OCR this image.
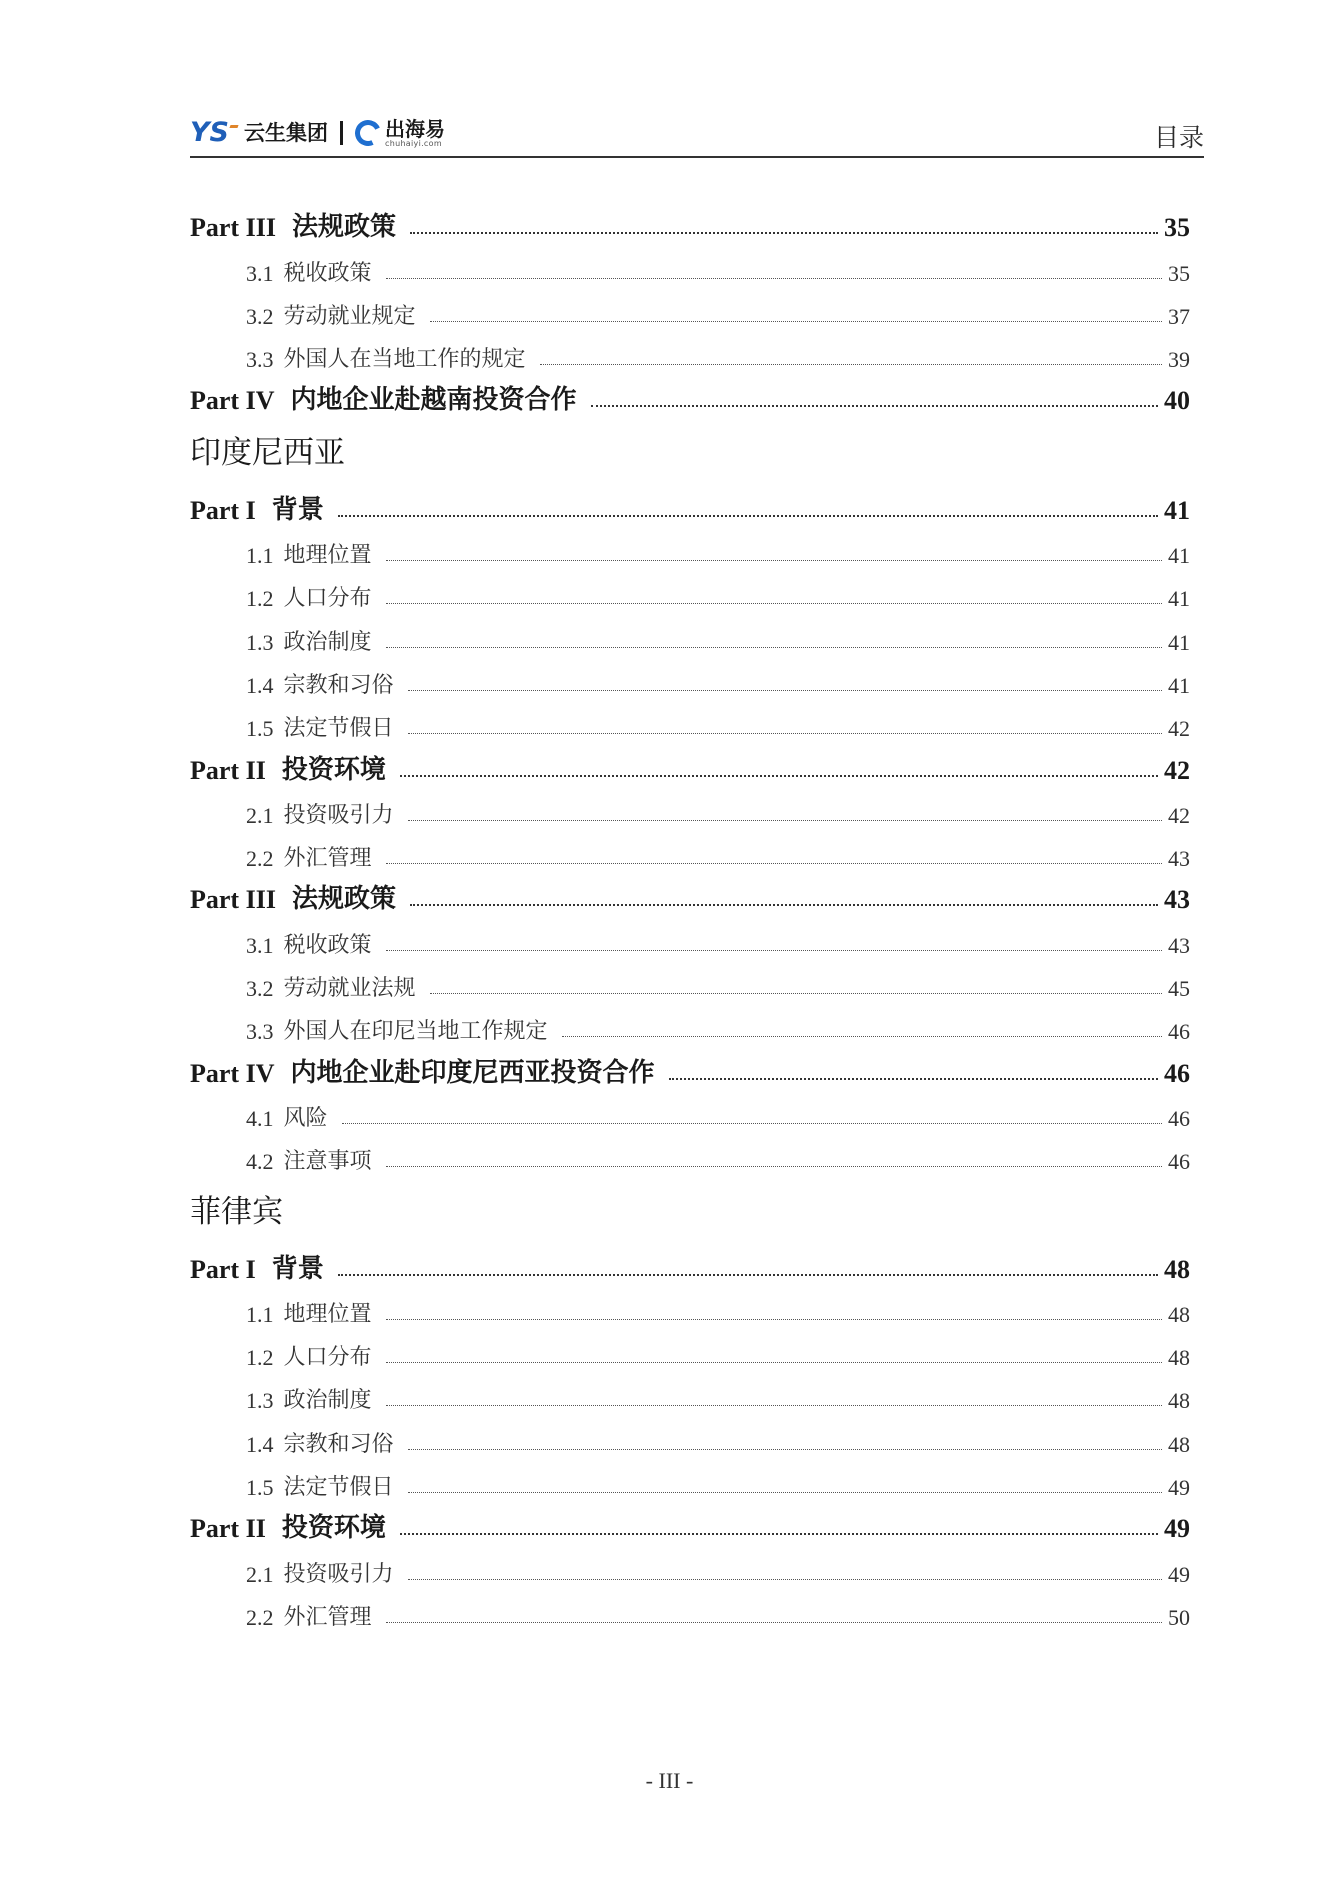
YS 云生集团	出海易
chuhaiyi.com	目录
Part III 法规政策	35
3.1 税收政策	35
3.2 劳动就业规定	37
3.3 外国人在当地工作的规定	39
Part IV 内地企业赴越南投资合作	40
印度尼西亚
Part I 背景	41
1.1 地理位置	41
1.2 人口分布	41
1.3 政治制度	41
1.4 宗教和习俗	41
1.5 法定节假日	42
Part II 投资环境	42
2.1 投资吸引力	42
2.2 外汇管理	43
Part III 法规政策	43
3.1 税收政策	43
3.2 劳动就业法规	45
3.3 外国人在印尼当地工作规定	46
Part IV 内地企业赴印度尼西亚投资合作	46
4.1 风险	46
4.2 注意事项	46
菲律宾
Part I 背景	48
1.1 地理位置	48
1.2 人口分布	48
1.3 政治制度	48
1.4 宗教和习俗	48
1.5 法定节假日	49
Part II 投资环境	49
2.1 投资吸引力	49
2.2 外汇管理	50
- III -
